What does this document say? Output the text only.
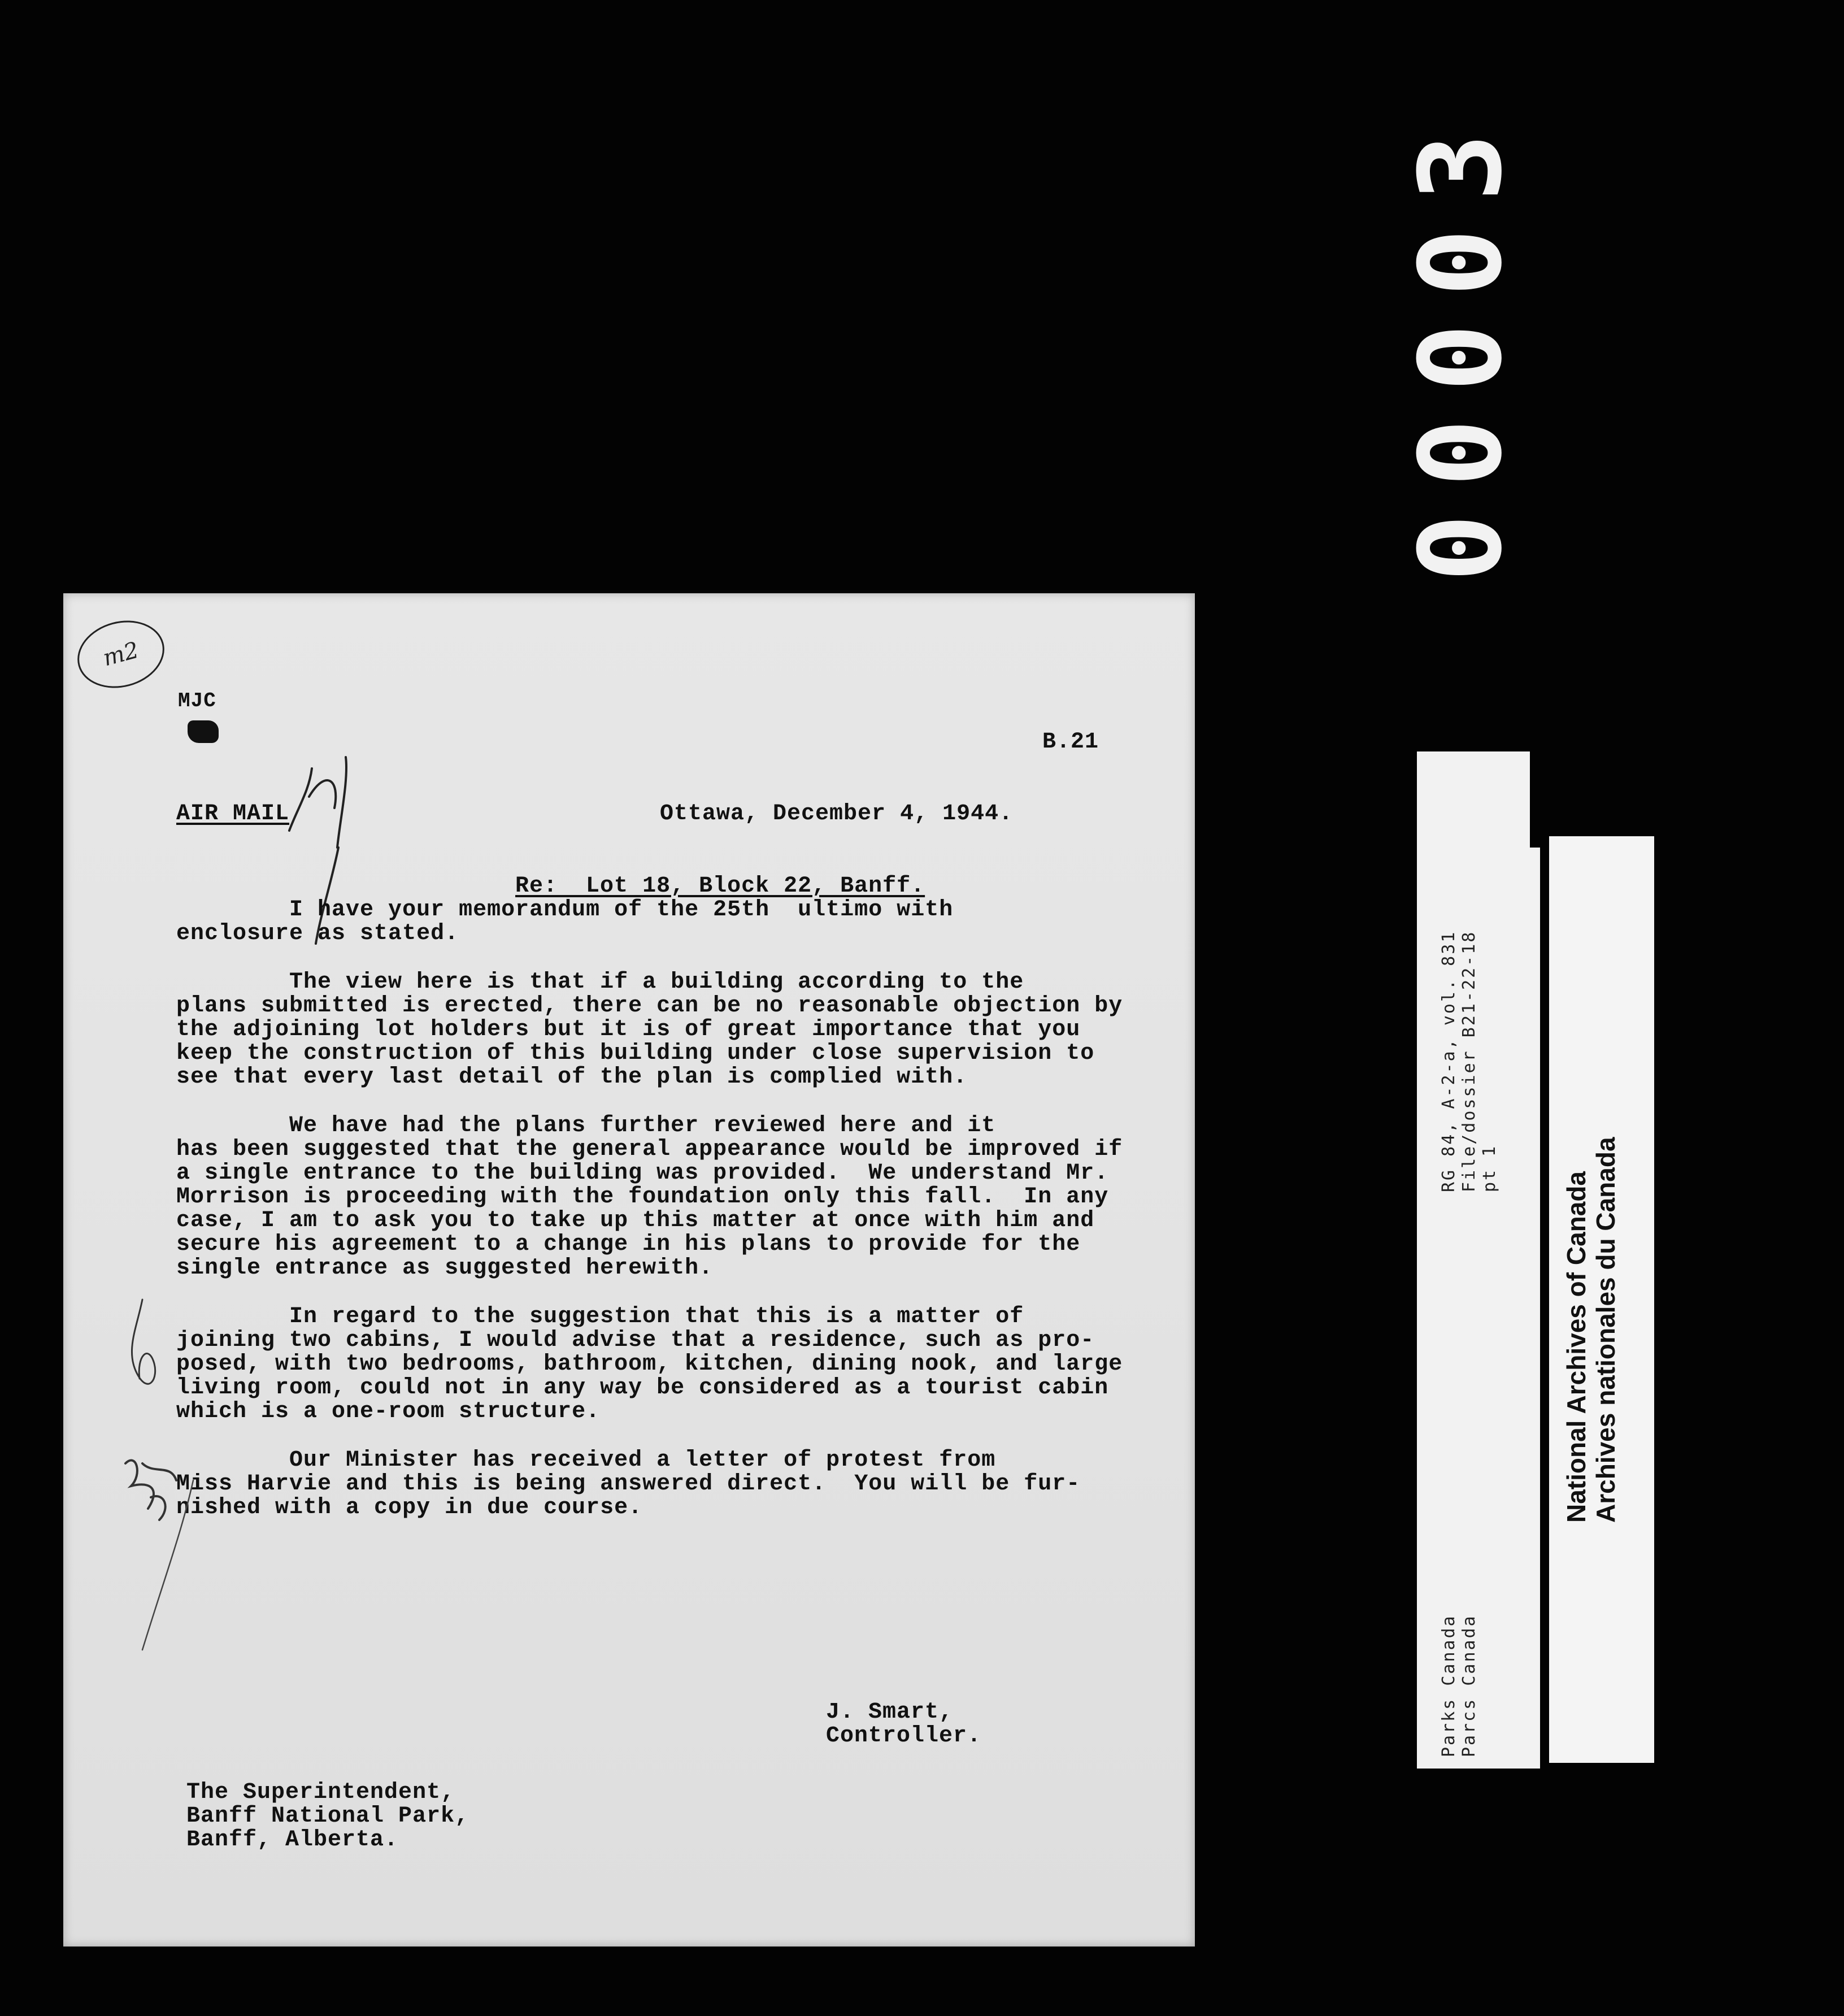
00003
m2
MJC
B.21
AIR MAIL	Ottawa, December 4, 1944.

Re:  Lot 18, Block 22, Banff.

I have your memorandum of the 25th  ultimo with
enclosure as stated.
The view here is that if a building according to the
plans submitted is erected, there can be no reasonable objection by
the adjoining lot holders but it is of great importance that you
keep the construction of this building under close supervision to
see that every last detail of the plan is complied with.
We have had the plans further reviewed here and it
has been suggested that the general appearance would be improved if
a single entrance to the building was provided.  We understand Mr.
Morrison is proceeding with the foundation only this fall.  In any
case, I am to ask you to take up this matter at once with him and
secure his agreement to a change in his plans to provide for the
single entrance as suggested herewith.
In regard to the suggestion that this is a matter of
joining two cabins, I would advise that a residence, such as pro-
posed, with two bedrooms, bathroom, kitchen, dining nook, and large
living room, could not in any way be considered as a tourist cabin
which is a one-room structure.
Our Minister has received a letter of protest from
Miss Harvie and this is being answered direct.  You will be fur-
nished with a copy in due course.
J. Smart,
Controller.
The Superintendent,
Banff National Park,
Banff, Alberta.
RG 84, A-2-a, vol. 831 File/dossier B21-22-18 pt 1
Parks Canada Parcs Canada
National Archives of Canada Archives nationales du Canada
